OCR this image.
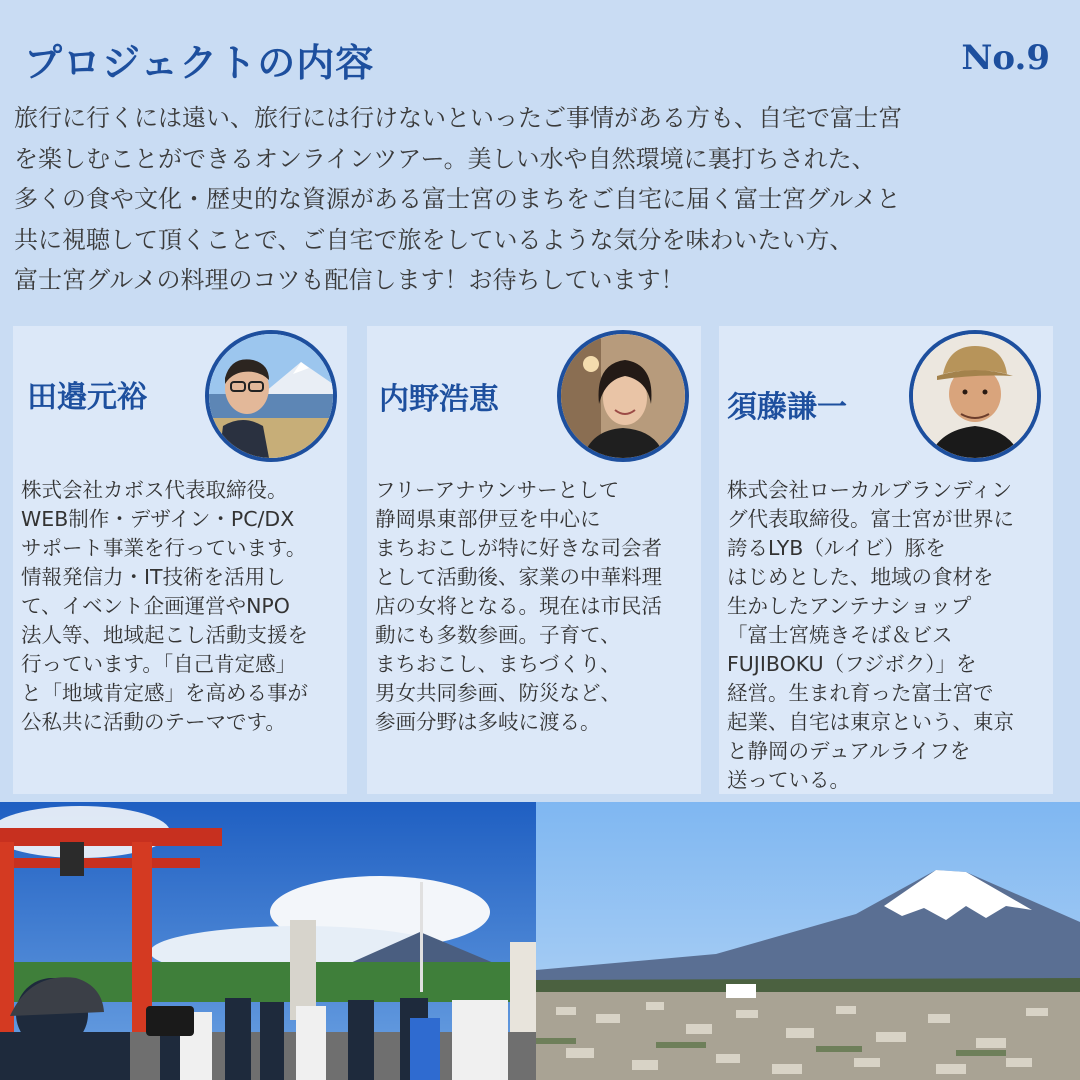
プロジェクトの内容	No.9

旅行に行くには遠い、旅行には行けないといったご事情がある方も、自宅で富士宮
を楽しむことができるオンラインツアー。美しい水や自然環境に裏打ちされた、
多くの食や文化・歴史的な資源がある富士宮のまちをご自宅に届く富士宮グルメと
共に視聴して頂くことで、ご自宅で旅をしているような気分を味わいたい方、
富士宮グルメの料理のコツも配信します！お待ちしています！

田邉元裕

株式会社カボス代表取締役。
WEB制作・デザイン・PC/DX
サポート事業を行っています。
情報発信力・IT技術を活用し
て、イベント企画運営やNPO
法人等、地域起こし活動支援を
行っています。「自己肯定感」
と「地域肯定感」を高める事が
公私共に活動のテーマです。

内野浩恵

フリーアナウンサーとして
静岡県東部伊豆を中心に
まちおこしが特に好きな司会者
として活動後、家業の中華料理
店の女将となる。現在は市民活
動にも多数参画。子育て、
まちおこし、まちづくり、
男女共同参画、防災など、
参画分野は多岐に渡る。

須藤謙一

株式会社ローカルブランディン
グ代表取締役。富士宮が世界に
誇るLYB（ルイビ）豚を
はじめとした、地域の食材を
生かしたアンテナショップ
「富士宮焼きそば＆ビス
FUJIBOKU（フジボク）」を
経営。生まれ育った富士宮で
起業、自宅は東京という、東京
と静岡のデュアルライフを
送っている。
